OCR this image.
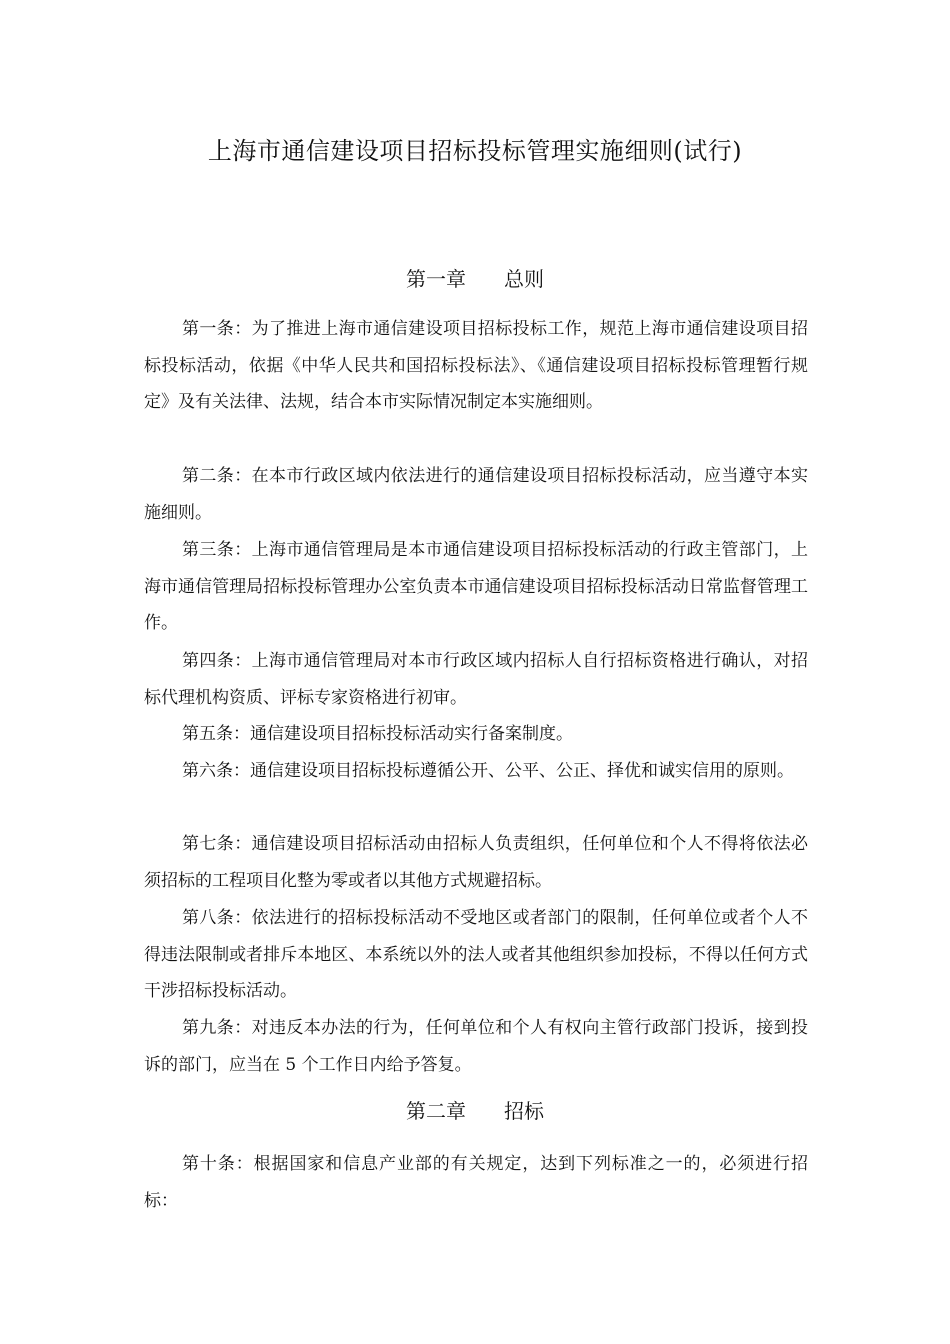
上海市通信建设项目招标投标管理实施细则(试行)
第一章 总则

第一条：为了推进上海市通信建设项目招标投标工作，规范上海市通信建设项目招标投标活动，依据《中华人民共和国招标投标法》、《通信建设项目招标投标管理暂行规定》及有关法律、法规，结合本市实际情况制定本实施细则。

第二条：在本市行政区域内依法进行的通信建设项目招标投标活动，应当遵守本实施细则。

第三条：上海市通信管理局是本市通信建设项目招标投标活动的行政主管部门，上海市通信管理局招标投标管理办公室负责本市通信建设项目招标投标活动日常监督管理工作。

第四条：上海市通信管理局对本市行政区域内招标人自行招标资格进行确认，对招标代理机构资质、评标专家资格进行初审。

第五条：通信建设项目招标投标活动实行备案制度。

第六条：通信建设项目招标投标遵循公开、公平、公正、择优和诚实信用的原则。

第七条：通信建设项目招标活动由招标人负责组织，任何单位和个人不得将依法必须招标的工程项目化整为零或者以其他方式规避招标。

第八条：依法进行的招标投标活动不受地区或者部门的限制，任何单位或者个人不得违法限制或者排斥本地区、本系统以外的法人或者其他组织参加投标，不得以任何方式干涉招标投标活动。

第九条：对违反本办法的行为，任何单位和个人有权向主管行政部门投诉，接到投诉的部门，应当在 5 个工作日内给予答复。

第二章 招标

第十条：根据国家和信息产业部的有关规定，达到下列标准之一的，必须进行招标：
